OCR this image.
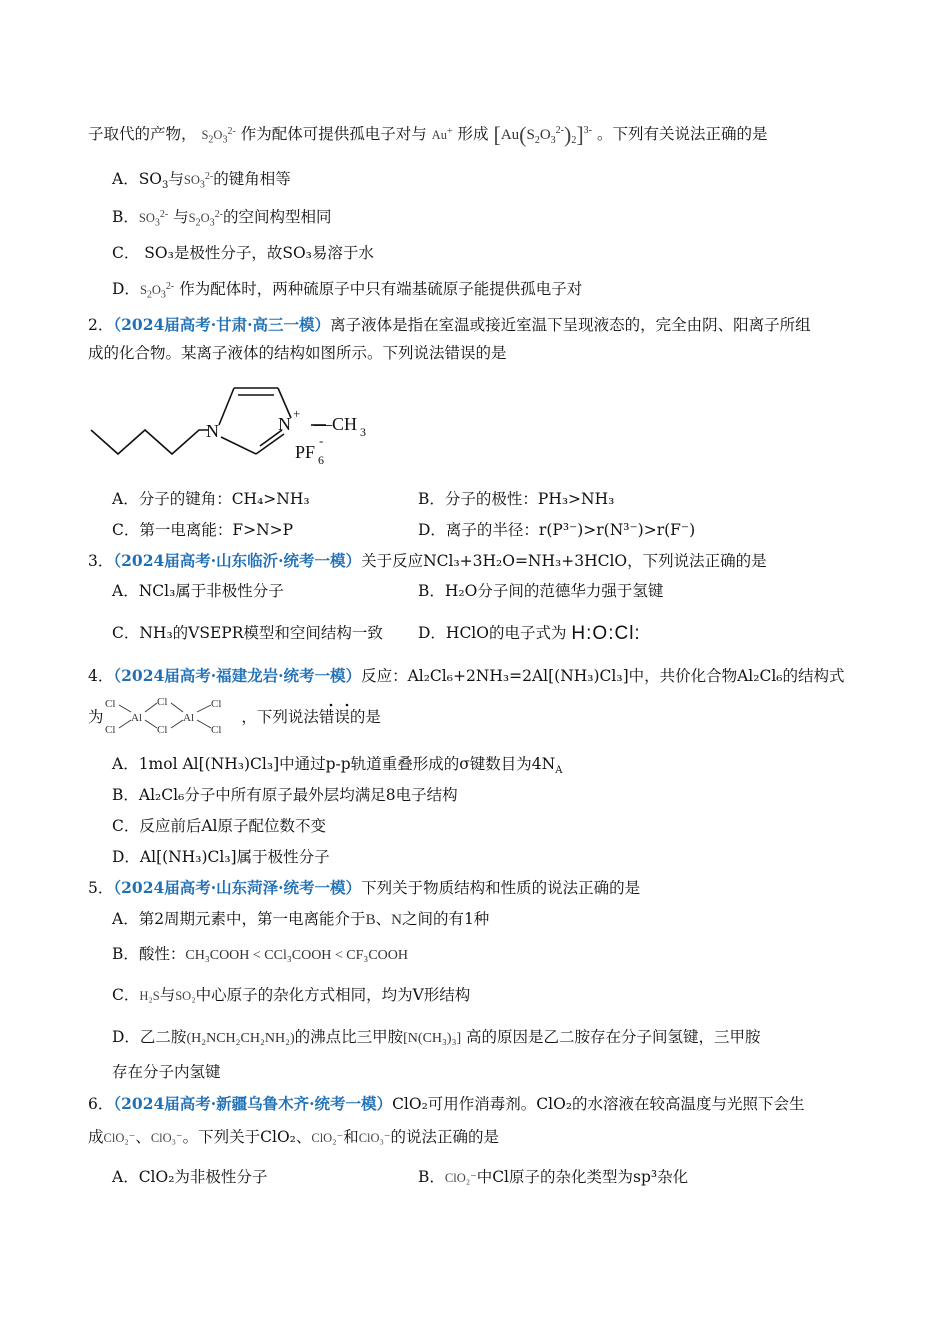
子取代的产物， $S_2O_3^{2-}$ 作为配体可提供孤电子对与 Au+ 形成 $[Au(S_2O_3^{2-})_2]^{3-}$ 。下列有关说法正确的是
A．$SO_3$与$SO_3^{2-}$的键角相等
B．$SO_3^{2-}$ 与$S_2O_3^{2-}$的空间构型相同
C． SO₃是极性分子，故SO₃易溶于水
D．$S_2O_3^{2-}$ 作为配体时，两种硫原子中只有端基硫原子能提供孤电子对
2．（2024届高考·甘肃·高三一模）离子液体是指在室温或接近室温下呈现液态的，完全由阴、阳离子所组
成的化合物。某离子液体的结构如图所示。下列说法错误的是
N	N
+
—CH 3
PF 6
-
A．分子的键角：CH₄>NH₃	B．分子的极性：PH₃>NH₃
C．第一电离能：F>N>P	D．离子的半径：r(P³⁻)>r(N³⁻)>r(F⁻)
3．（2024届高考·山东临沂·统考一模）关于反应NCl₃+3H₂O=NH₃+3HClO，下列说法正确的是
A．NCl₃属于非极性分子	B．H₂O分子间的范德华力强于氢键
C．NH₃的VSEPR模型和空间结构一致	D．HClO的电子式为 H:O:Cl:
4．（2024届高考·福建龙岩·统考一模）反应：Al₂Cl₆+2NH₃=2Al[(NH₃)Cl₃]中，共价化合物Al₂Cl₆的结构式
为	，下列说法错误的是
Cl
Cl
Al
Cl
Cl
Al
Cl
Cl
A．1mol Al[(NH₃)Cl₃]中通过p-p轨道重叠形成的σ键数目为$4N_A$
B．Al₂Cl₆分子中所有原子最外层均满足8电子结构
C．反应前后Al原子配位数不变
D．Al[(NH₃)Cl₃]属于极性分子
5．（2024届高考·山东菏泽·统考一模）下列关于物质结构和性质的说法正确的是
A．第2周期元素中，第一电离能介于B、N之间的有1种
B．酸性：CH₃COOH < CCl₃COOH < CF₃COOH
C．H₂S与SO₂中心原子的杂化方式相同，均为V形结构
D．乙二胺(H₂NCH₂CH₂NH₂)的沸点比三甲胺[N(CH₃)₃] 高的原因是乙二胺存在分子间氢键，三甲胺
存在分子内氢键
6．（2024届高考·新疆乌鲁木齐·统考一模）ClO₂可用作消毒剂。ClO₂的水溶液在较高温度与光照下会生
成ClO₂⁻、ClO₃⁻。下列关于ClO₂、ClO₂⁻和ClO₃⁻的说法正确的是
A．ClO₂为非极性分子	B．ClO₂⁻中Cl原子的杂化类型为sp³杂化
